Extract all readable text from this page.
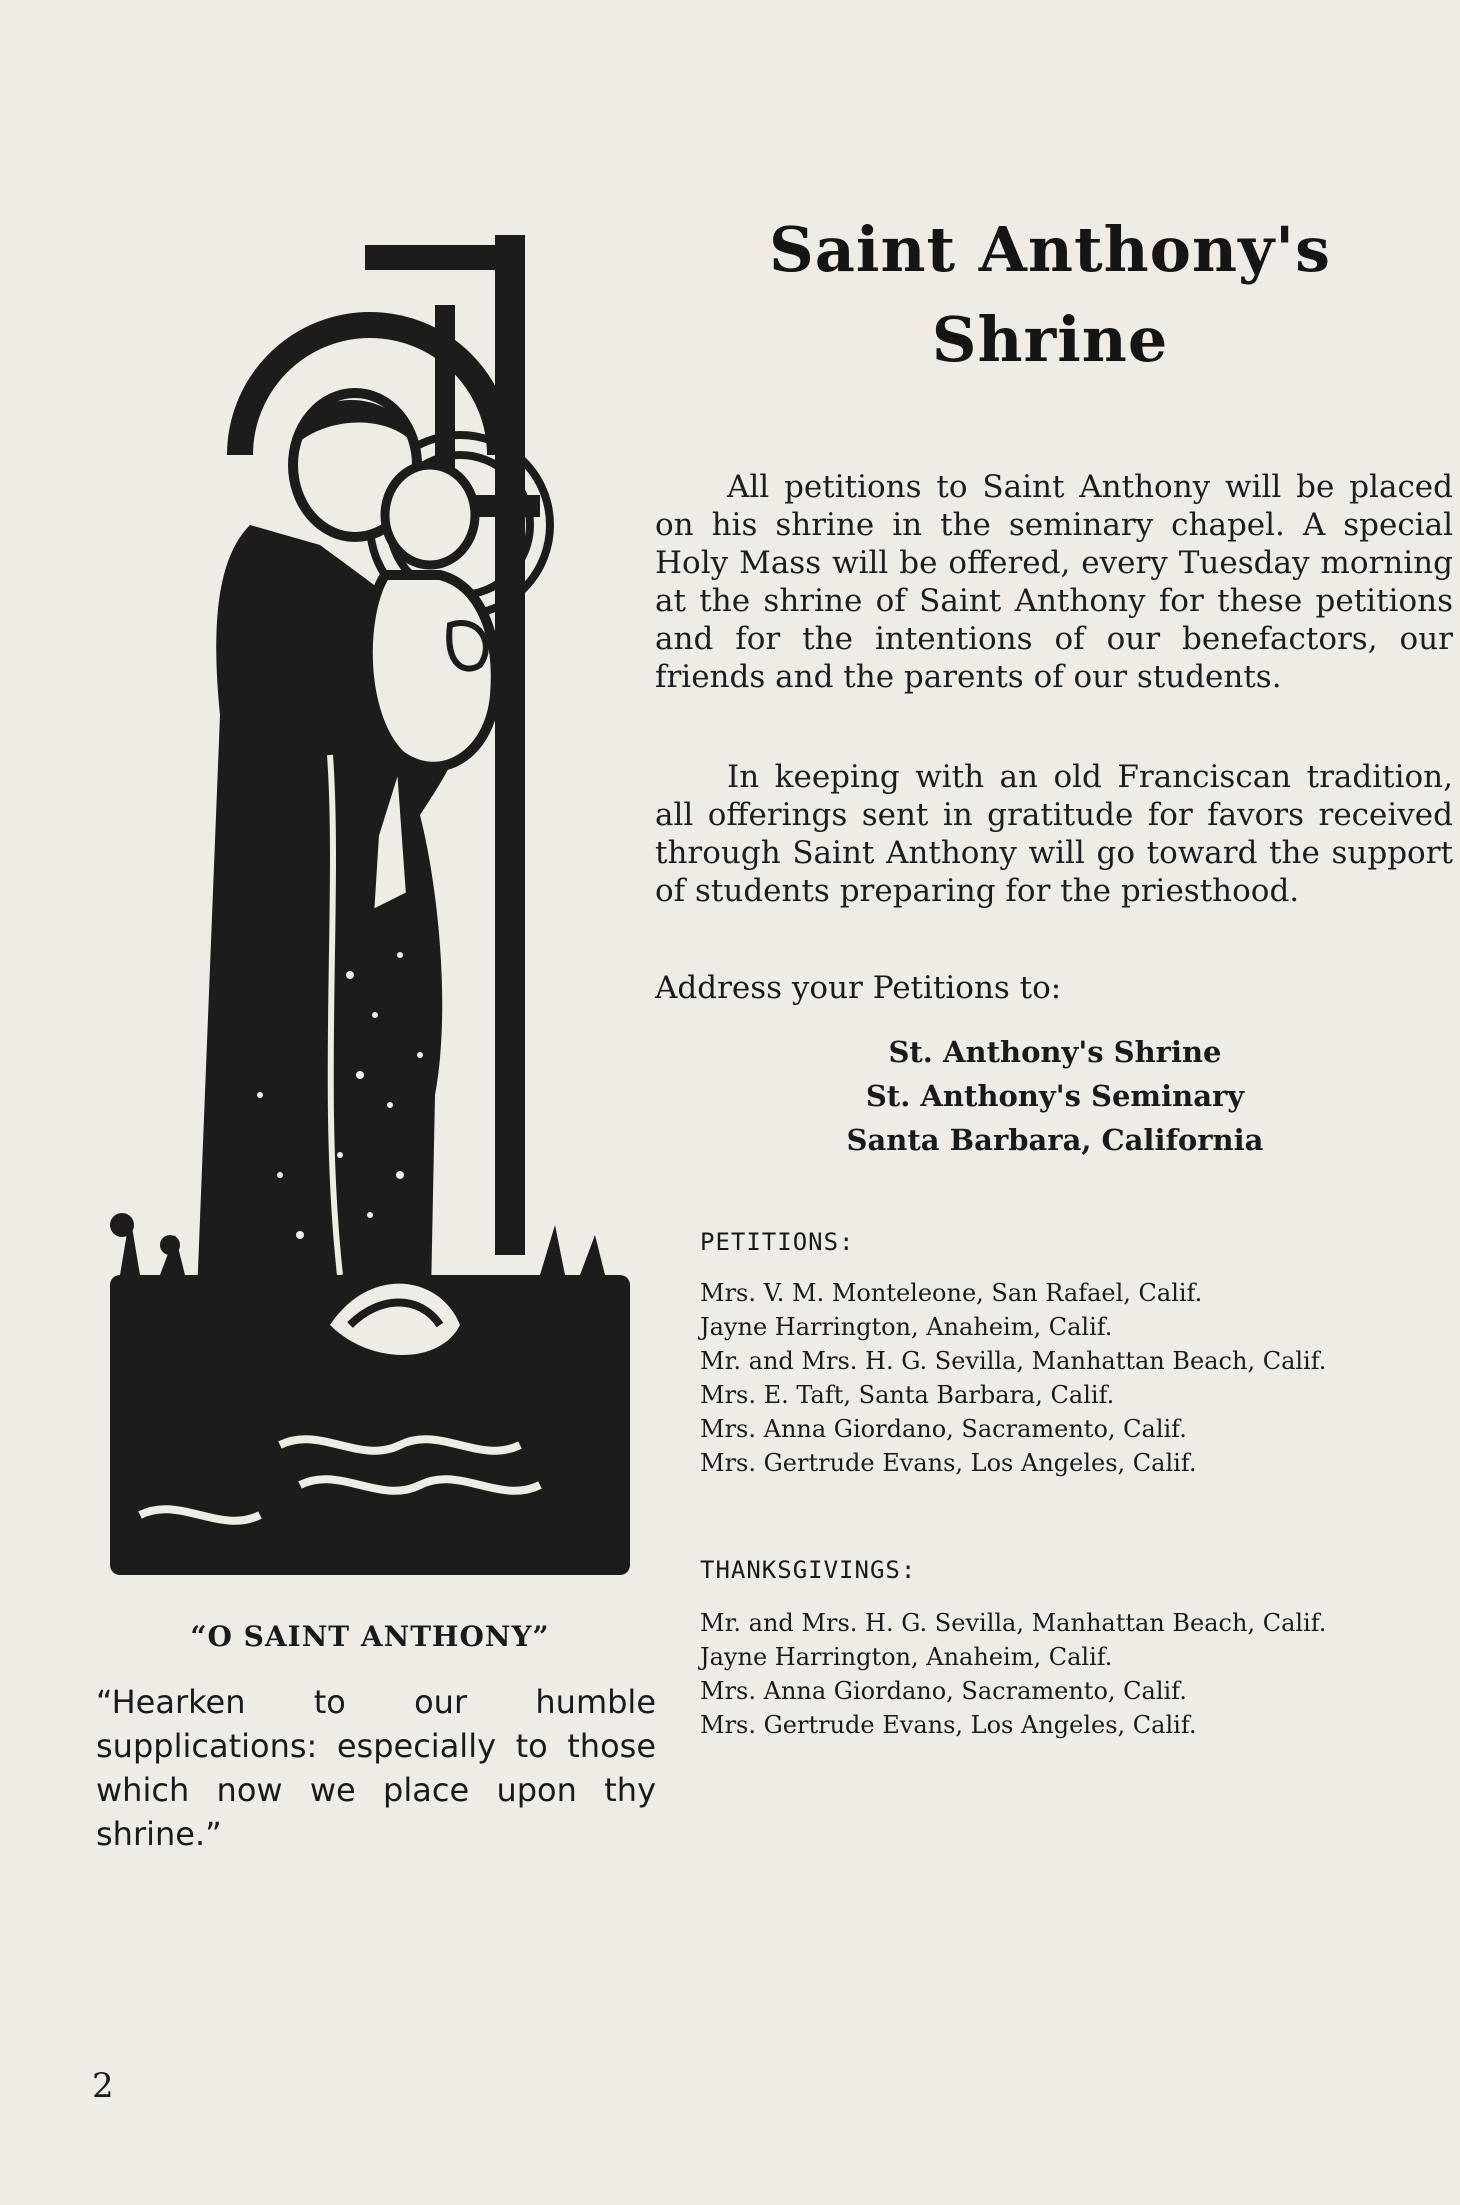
Saint Anthony's
Shrine

All petitions to Saint Anthony will be placed on his shrine in the seminary chapel. A special Holy Mass will be offered, every Tuesday morning at the shrine of Saint Anthony for these petitions and for the intentions of our benefactors, our friends and the parents of our students.

In keeping with an old Franciscan tradition, all offerings sent in gratitude for favors received through Saint Anthony will go toward the support of students preparing for the priesthood.

Address your Petitions to:
St. Anthony's Shrine
St. Anthony's Seminary
Santa Barbara, California
PETITIONS:
Mrs. V. M. Monteleone, San Rafael, Calif.
Jayne Harrington, Anaheim, Calif.
Mr. and Mrs. H. G. Sevilla, Manhattan Beach, Calif.
Mrs. E. Taft, Santa Barbara, Calif.
Mrs. Anna Giordano, Sacramento, Calif.
Mrs. Gertrude Evans, Los Angeles, Calif.
THANKSGIVINGS:
Mr. and Mrs. H. G. Sevilla, Manhattan Beach, Calif.
Jayne Harrington, Anaheim, Calif.
Mrs. Anna Giordano, Sacramento, Calif.
Mrs. Gertrude Evans, Los Angeles, Calif.
“O SAINT ANTHONY”
“Hearken to our humble supplications: especially to those which now we place upon thy shrine.”
2
